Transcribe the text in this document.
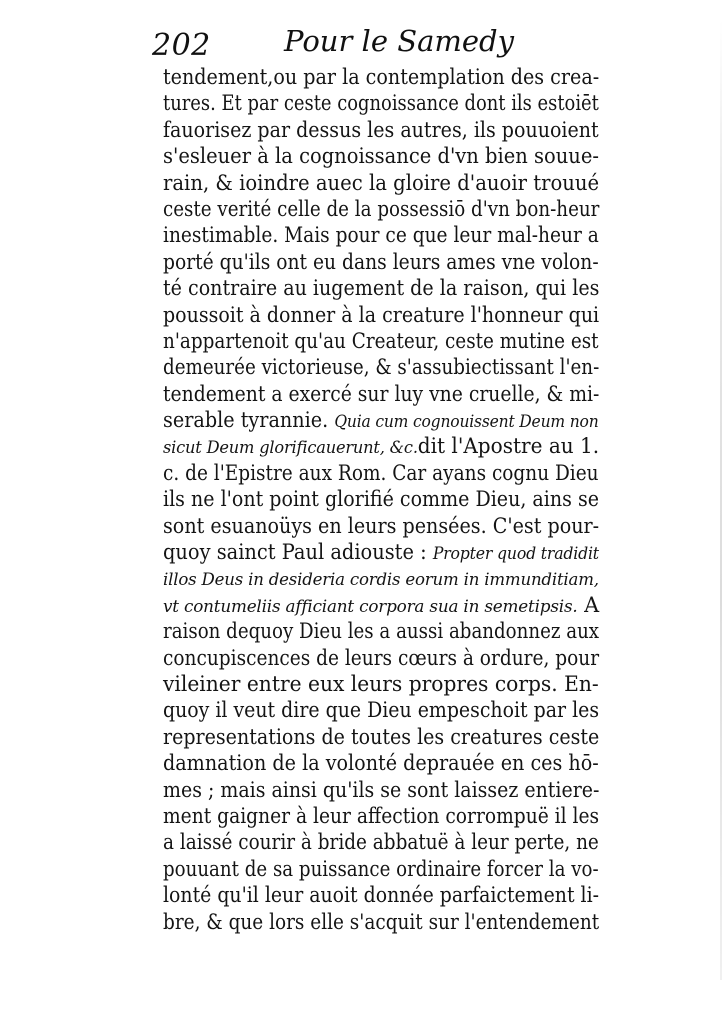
202	Pour le Samedy
tendement,ou par la contemplation des crea-
tures. Et par ceste cognoissance dont ils estoiēt
fauorisez par dessus les autres, ils pouuoient
s'esleuer à la cognoissance d'vn bien souue-
rain, & ioindre auec la gloire d'auoir trouué
ceste verité celle de la possessiō d'vn bon-heur
inestimable. Mais pour ce que leur mal-heur a
porté qu'ils ont eu dans leurs ames vne volon-
té contraire au iugement de la raison, qui les
poussoit à donner à la creature l'honneur qui
n'appartenoit qu'au Createur, ceste mutine est
demeurée victorieuse, & s'assubiectissant l'en-
tendement a exercé sur luy vne cruelle, & mi-
serable tyrannie. Quia cum cognouissent Deum non
sicut Deum glorificauerunt, &c.dit l'Apostre au 1.
c. de l'Epistre aux Rom. Car ayans cognu Dieu
ils ne l'ont point glorifié comme Dieu, ains se
sont esuanoüys en leurs pensées. C'est pour-
quoy sainct Paul adiouste : Propter quod tradidit
illos Deus in desideria cordis eorum in immunditiam,
vt contumeliis afficiant corpora sua in semetipsis. A
raison dequoy Dieu les a aussi abandonnez aux
concupiscences de leurs cœurs à ordure, pour
vileiner entre eux leurs propres corps. En-
quoy il veut dire que Dieu empeschoit par les
representations de toutes les creatures ceste
damnation de la volonté deprauée en ces hō-
mes ; mais ainsi qu'ils se sont laissez entiere-
ment gaigner à leur affection corrompuë il les
a laissé courir à bride abbatuë à leur perte, ne
pouuant de sa puissance ordinaire forcer la vo-
lonté qu'il leur auoit donnée parfaictement li-
bre, & que lors elle s'acquit sur l'entendement
